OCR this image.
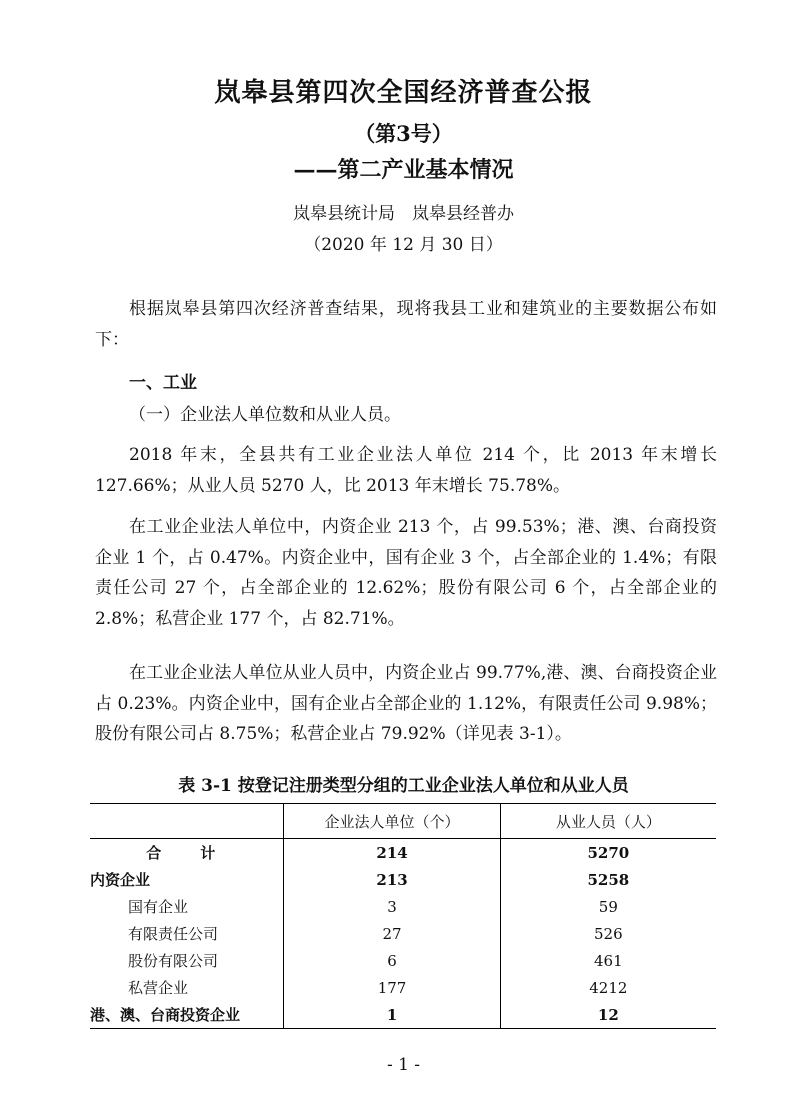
岚皋县第四次全国经济普查公报
（第3号）
——第二产业基本情况
岚皋县统计局　岚皋县经普办
（2020 年 12 月 30 日）

根据岚皋县第四次经济普查结果，现将我县工业和建筑业的主要数据公布如下：

一、工业

（一）企业法人单位数和从业人员。

2018 年末，全县共有工业企业法人单位 214 个，比 2013 年末增长 127.66%；从业人员 5270 人，比 2013 年末增长 75.78%。

在工业企业法人单位中，内资企业 213 个，占 99.53%；港、澳、台商投资企业 1 个，占 0.47%。内资企业中，国有企业 3 个，占全部企业的 1.4%；有限责任公司 27 个，占全部企业的 12.62%；股份有限公司 6 个，占全部企业的 2.8%；私营企业 177 个，占 82.71%。

在工业企业法人单位从业人员中，内资企业占 99.77%,港、澳、台商投资企业占 0.23%。内资企业中，国有企业占全部企业的 1.12%，有限责任公司 9.98%；股份有限公司占 8.75%；私营企业占 79.92%（详见表 3-1）。

表 3-1 按登记注册类型分组的工业企业法人单位和从业人员
	企业法人单位（个）	从业人员（人）
合　计	214	5270
内资企业	213	5258
国有企业	3	59
有限责任公司	27	526
股份有限公司	6	461
私营企业	177	4212
港、澳、台商投资企业	1	12
- 1 -
